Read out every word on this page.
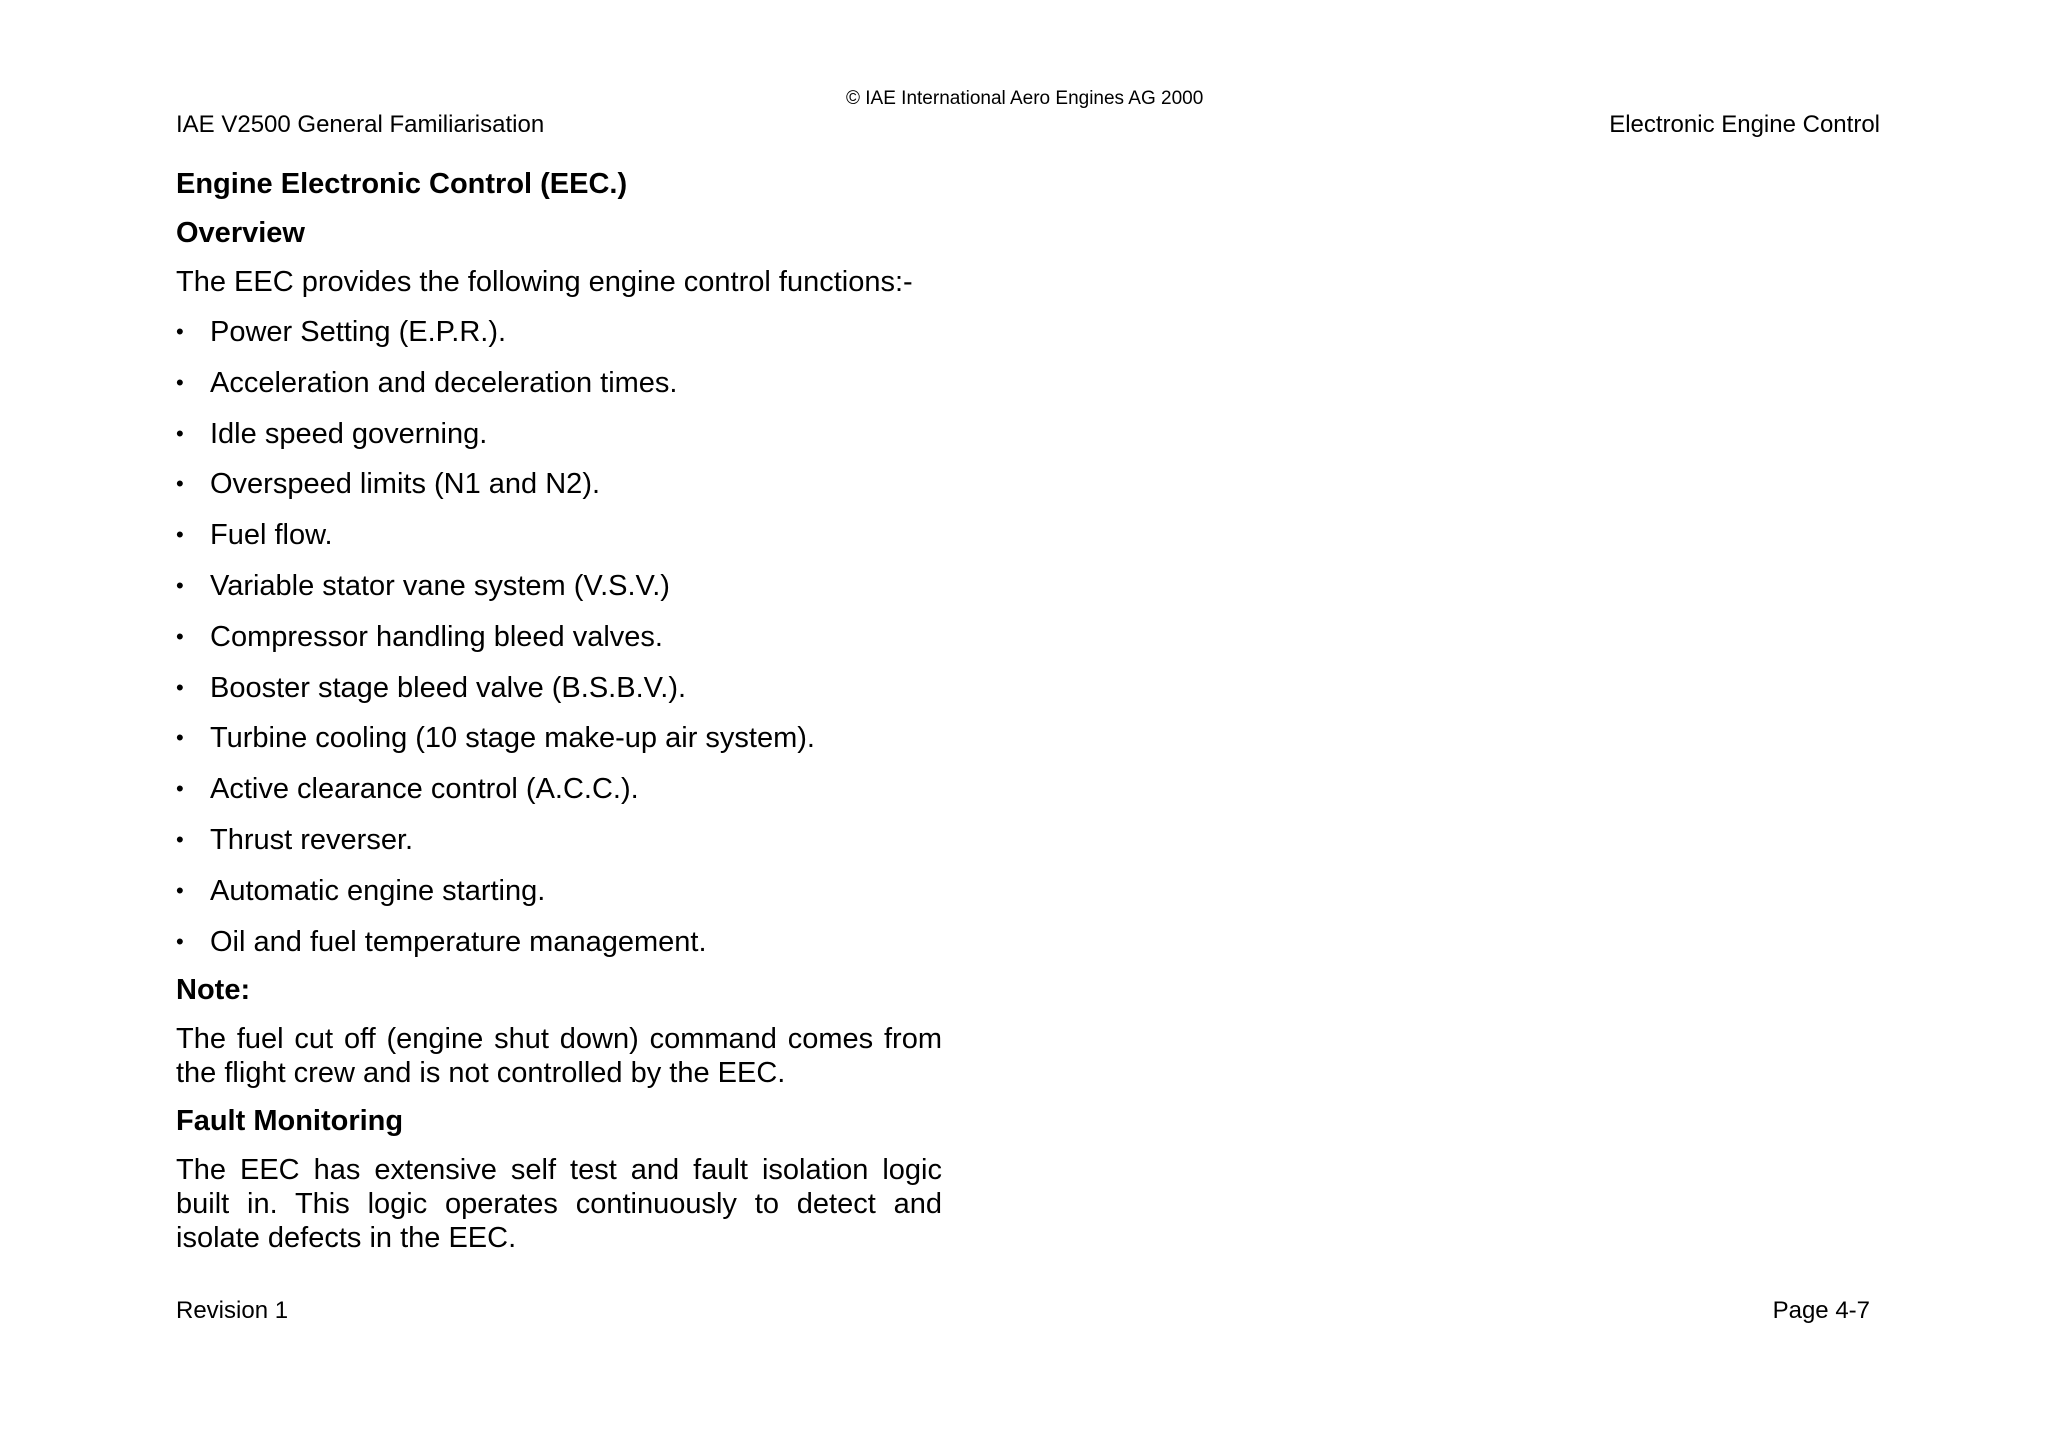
© IAE International Aero Engines AG 2000
IAE V2500 General Familiarisation	Electronic Engine Control
Engine Electronic Control (EEC.)
Overview
The EEC provides the following engine control functions:-
• Power Setting (E.P.R.).
• Acceleration and deceleration times.
• Idle speed governing.
• Overspeed limits (N1 and N2).
• Fuel flow.
• Variable stator vane system (V.S.V.)
• Compressor handling bleed valves.
• Booster stage bleed valve (B.S.B.V.).
• Turbine cooling (10 stage make-up air system).
• Active clearance control (A.C.C.).
• Thrust reverser.
• Automatic engine starting.
• Oil and fuel temperature management.
Note:
The fuel cut off (engine shut down) command comes from the flight crew and is not controlled by the EEC.
Fault Monitoring
The EEC has extensive self test and fault isolation logic built in. This logic operates continuously to detect and isolate defects in the EEC.
Revision 1	Page 4-7
